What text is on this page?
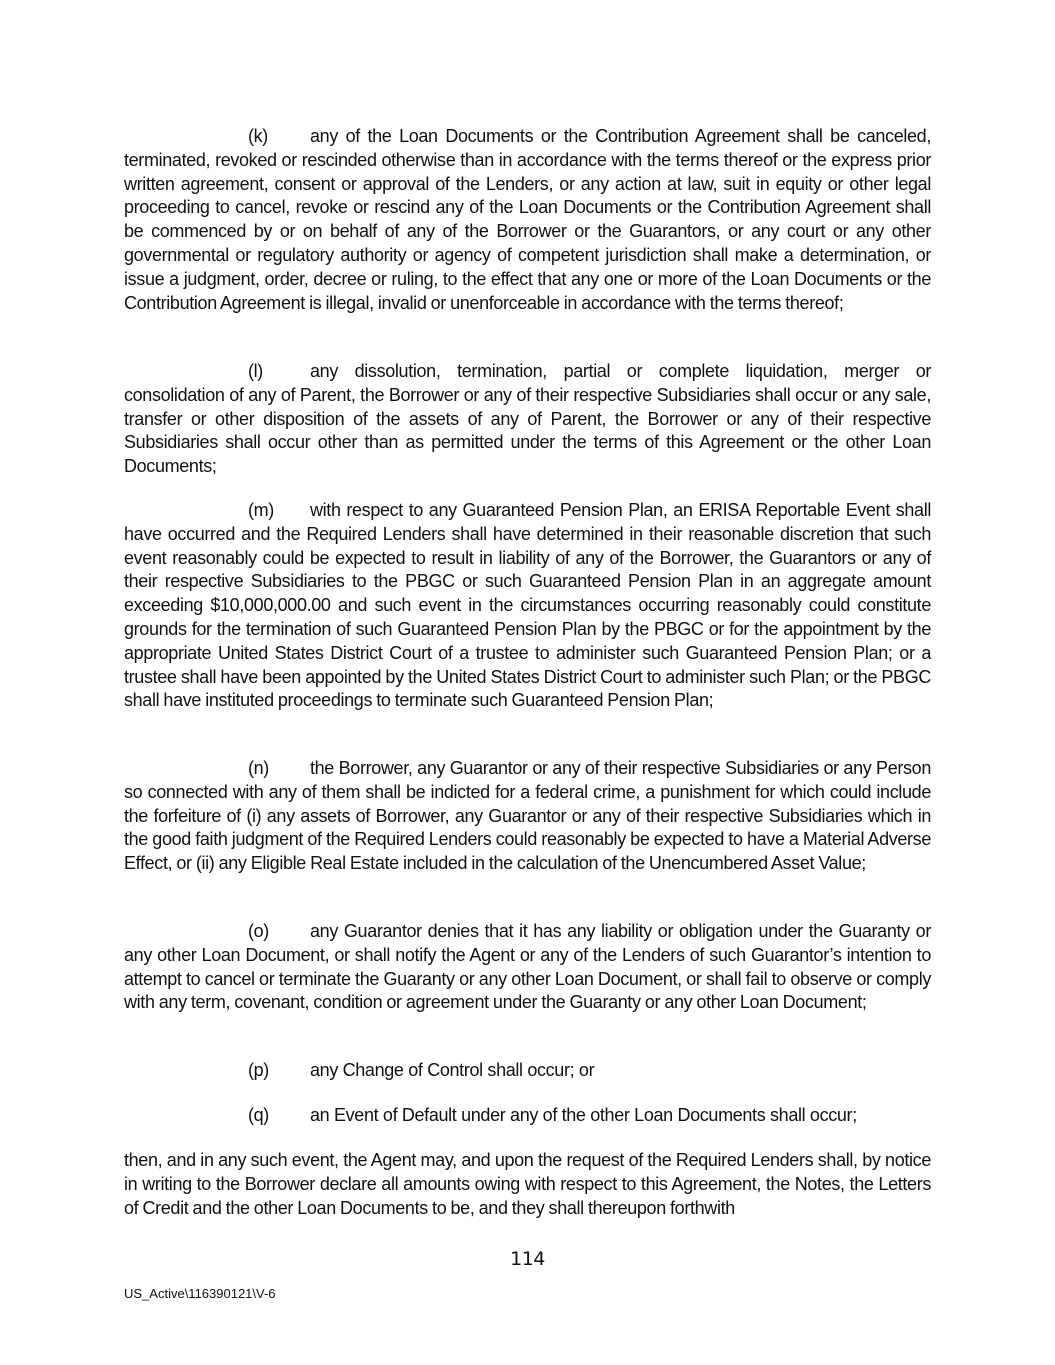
(k) any of the Loan Documents or the Contribution Agreement shall be canceled, terminated, revoked or rescinded otherwise than in accordance with the terms thereof or the express prior written agreement, consent or approval of the Lenders, or any action at law, suit in equity or other legal proceeding to cancel, revoke or rescind any of the Loan Documents or the Contribution Agreement shall be commenced by or on behalf of any of the Borrower or the Guarantors, or any court or any other governmental or regulatory authority or agency of competent jurisdiction shall make a determination, or issue a judgment, order, decree or ruling, to the effect that any one or more of the Loan Documents or the Contribution Agreement is illegal, invalid or unenforceable in accordance with the terms thereof;

(l)	any dissolution, termination, partial or complete liquidation, merger or consolidation of any of Parent, the Borrower or any of their respective Subsidiaries shall occur or any sale, transfer or other disposition of the assets of any of Parent, the Borrower or any of their respective Subsidiaries shall occur other than as permitted under the terms of this Agreement or the other Loan Documents;

(m) with respect to any Guaranteed Pension Plan, an ERISA Reportable Event shall have occurred and the Required Lenders shall have determined in their reasonable discretion that such event reasonably could be expected to result in liability of any of the Borrower, the Guarantors or any of their respective Subsidiaries to the PBGC or such Guaranteed Pension Plan in an aggregate amount exceeding $10,000,000.00 and such event in the circumstances occurring reasonably could constitute grounds for the termination of such Guaranteed Pension Plan by the PBGC or for the appointment by the appropriate United States District Court of a trustee to administer such Guaranteed Pension Plan; or a trustee shall have been appointed by the United States District Court to administer such Plan; or the PBGC shall have instituted proceedings to terminate such Guaranteed Pension Plan;

(n) the Borrower, any Guarantor or any of their respective Subsidiaries or any Person so connected with any of them shall be indicted for a federal crime, a punishment for which could include the forfeiture of (i) any assets of Borrower, any Guarantor or any of their respective Subsidiaries which in the good faith judgment of the Required Lenders could reasonably be expected to have a Material Adverse Effect, or (ii) any Eligible Real Estate included in the calculation of the Unencumbered Asset Value;

(o) any Guarantor denies that it has any liability or obligation under the Guaranty or any other Loan Document, or shall notify the Agent or any of the Lenders of such Guarantor’s intention to attempt to cancel or terminate the Guaranty or any other Loan Document, or shall fail to observe or comply with any term, covenant, condition or agreement under the Guaranty or any other Loan Document;

(p) any Change of Control shall occur; or
(q) an Event of Default under any of the other Loan Documents shall occur;

then, and in any such event, the Agent may, and upon the request of the Required Lenders shall, by notice in writing to the Borrower declare all amounts owing with respect to this Agreement, the Notes, the Letters of Credit and the other Loan Documents to be, and they shall thereupon forthwith

114
US_Active\116390121\V-6
